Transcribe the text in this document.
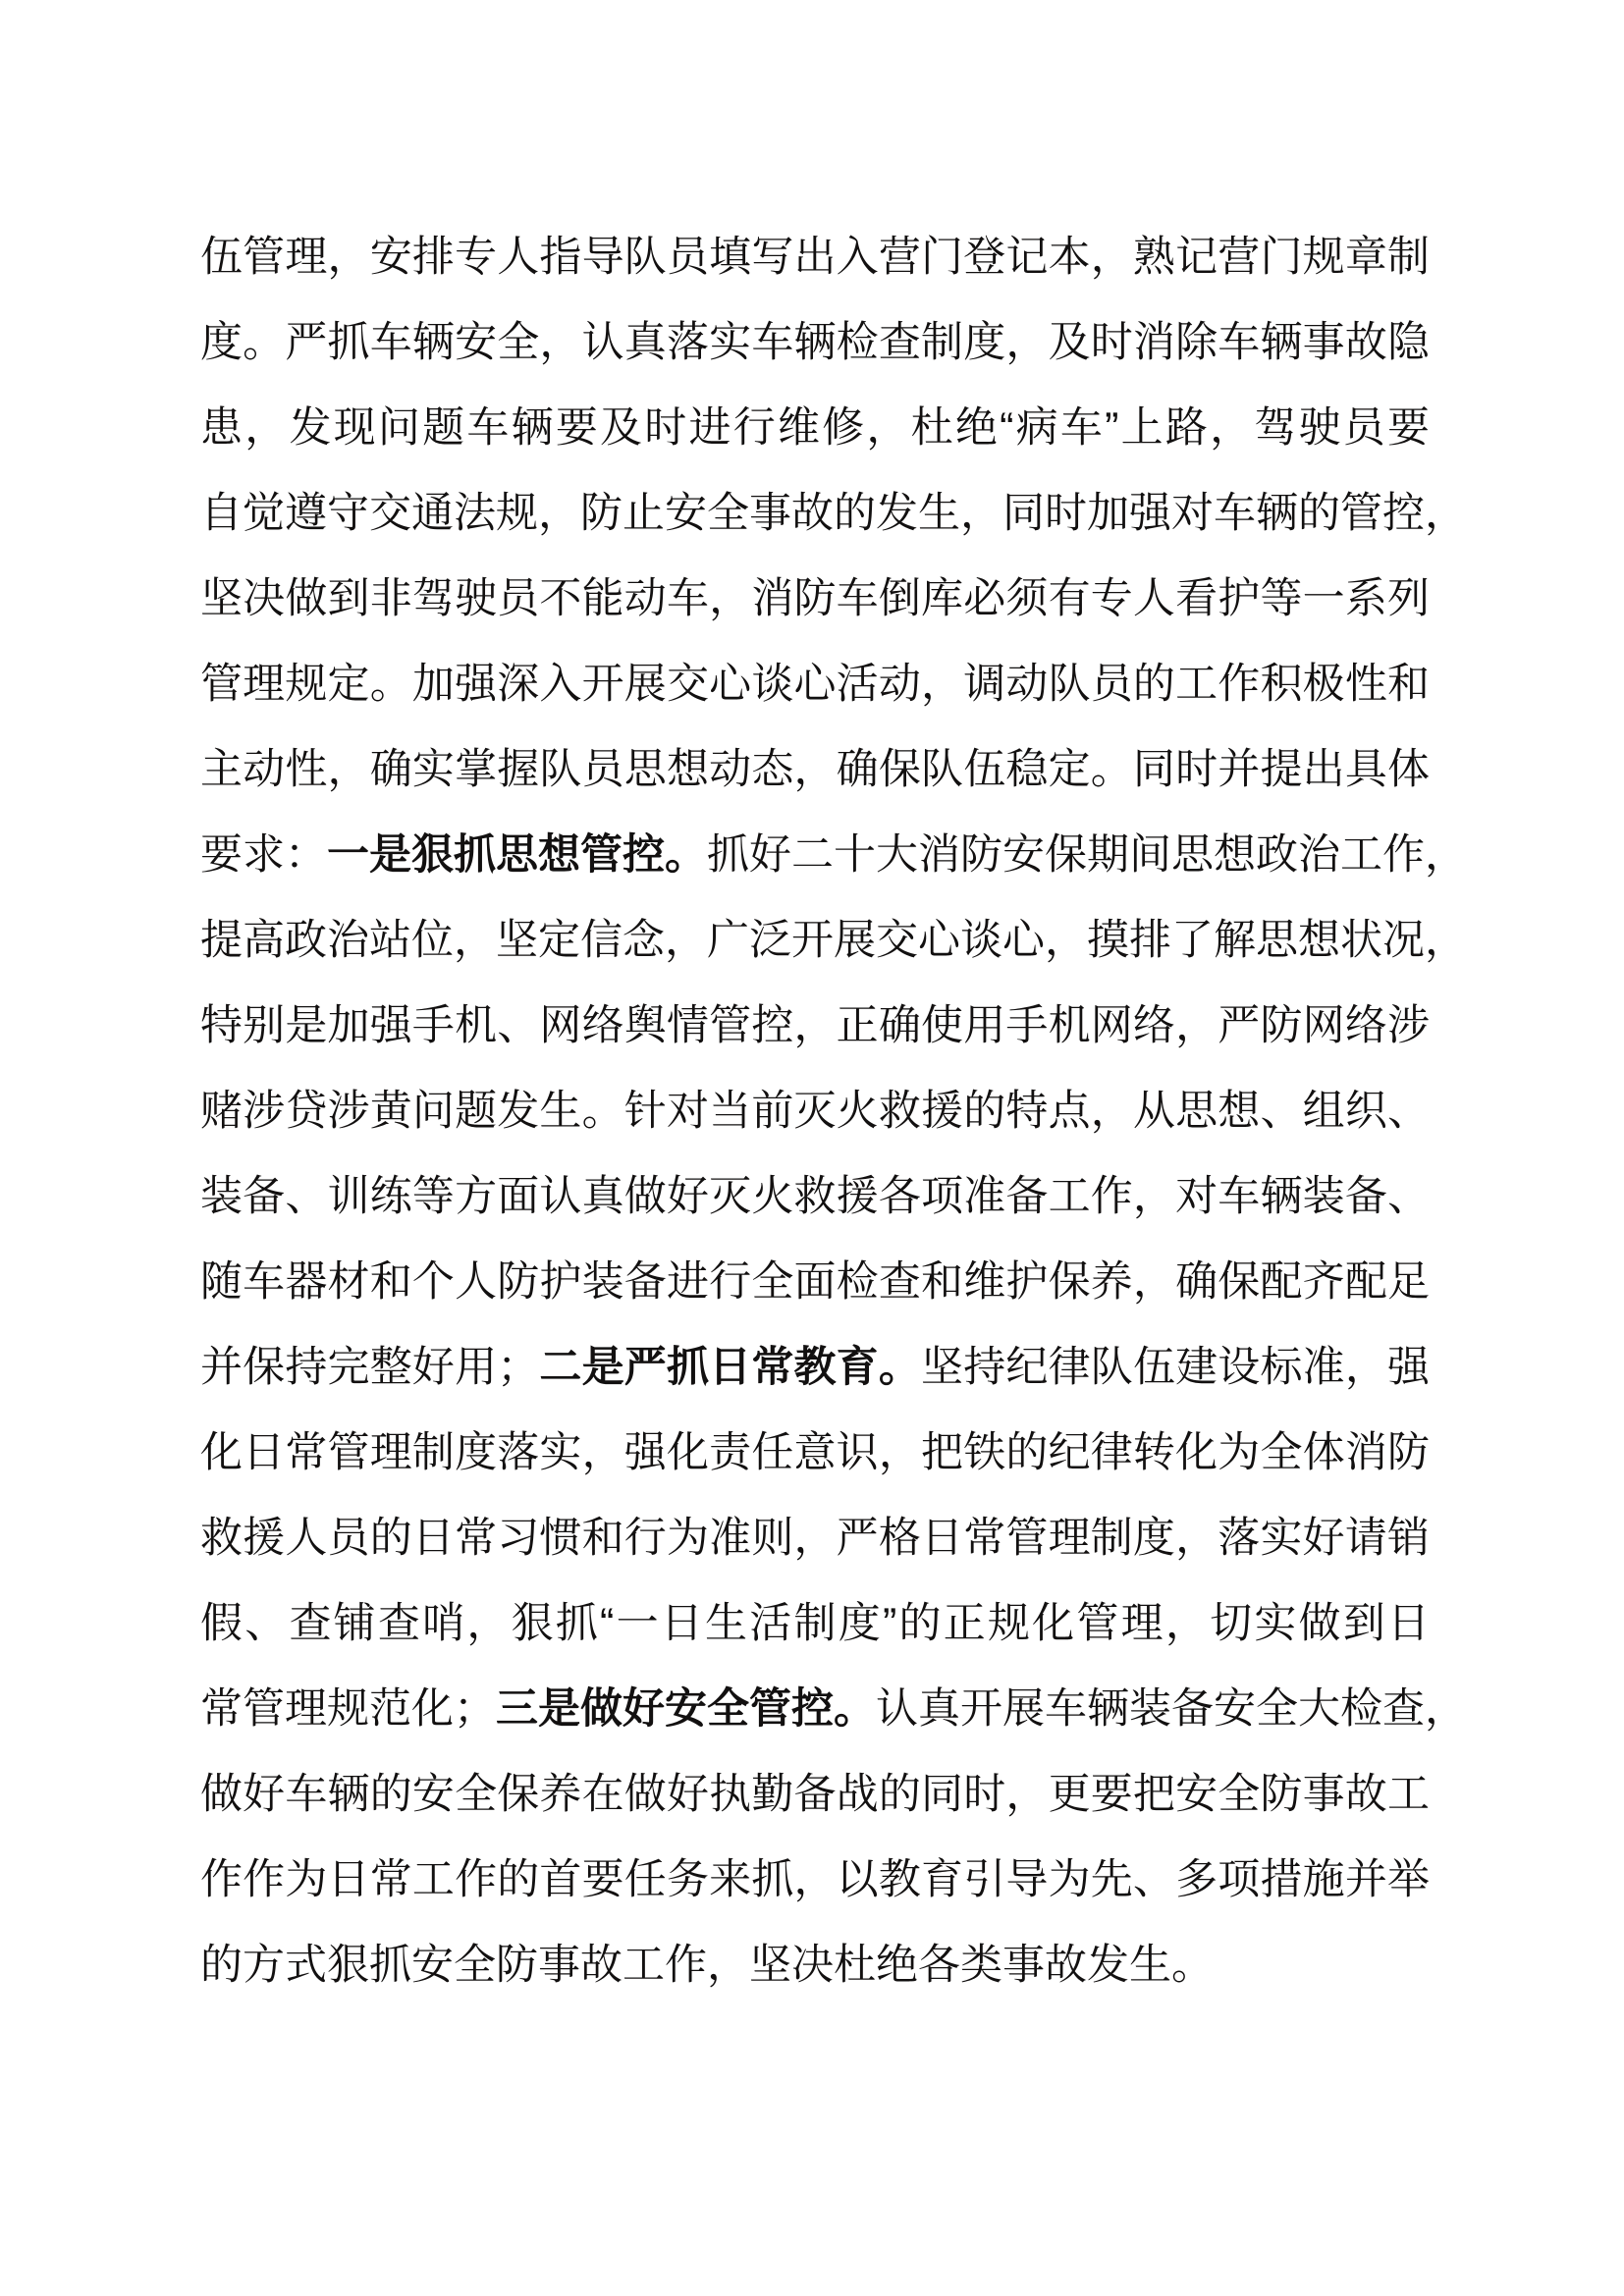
伍管理，安排专人指导队员填写出入营门登记本，熟记营门规章制
度。严抓车辆安全，认真落实车辆检查制度，及时消除车辆事故隐
患，发现问题车辆要及时进行维修，杜绝“病车”上路，驾驶员要
自觉遵守交通法规，防止安全事故的发生，同时加强对车辆的管控，
坚决做到非驾驶员不能动车，消防车倒库必须有专人看护等一系列
管理规定。加强深入开展交心谈心活动，调动队员的工作积极性和
主动性，确实掌握队员思想动态，确保队伍稳定。同时并提出具体
要求：一是狠抓思想管控。抓好二十大消防安保期间思想政治工作，
提高政治站位，坚定信念，广泛开展交心谈心，摸排了解思想状况，
特别是加强手机、网络舆情管控，正确使用手机网络，严防网络涉
赌涉贷涉黄问题发生。针对当前灭火救援的特点，从思想、组织、
装备、训练等方面认真做好灭火救援各项准备工作，对车辆装备、
随车器材和个人防护装备进行全面检查和维护保养，确保配齐配足
并保持完整好用；二是严抓日常教育。坚持纪律队伍建设标准，强
化日常管理制度落实，强化责任意识，把铁的纪律转化为全体消防
救援人员的日常习惯和行为准则，严格日常管理制度，落实好请销
假、查铺查哨，狠抓“一日生活制度”的正规化管理，切实做到日
常管理规范化；三是做好安全管控。认真开展车辆装备安全大检查，
做好车辆的安全保养在做好执勤备战的同时，更要把安全防事故工
作作为日常工作的首要任务来抓，以教育引导为先、多项措施并举
的方式狠抓安全防事故工作，坚决杜绝各类事故发生。
